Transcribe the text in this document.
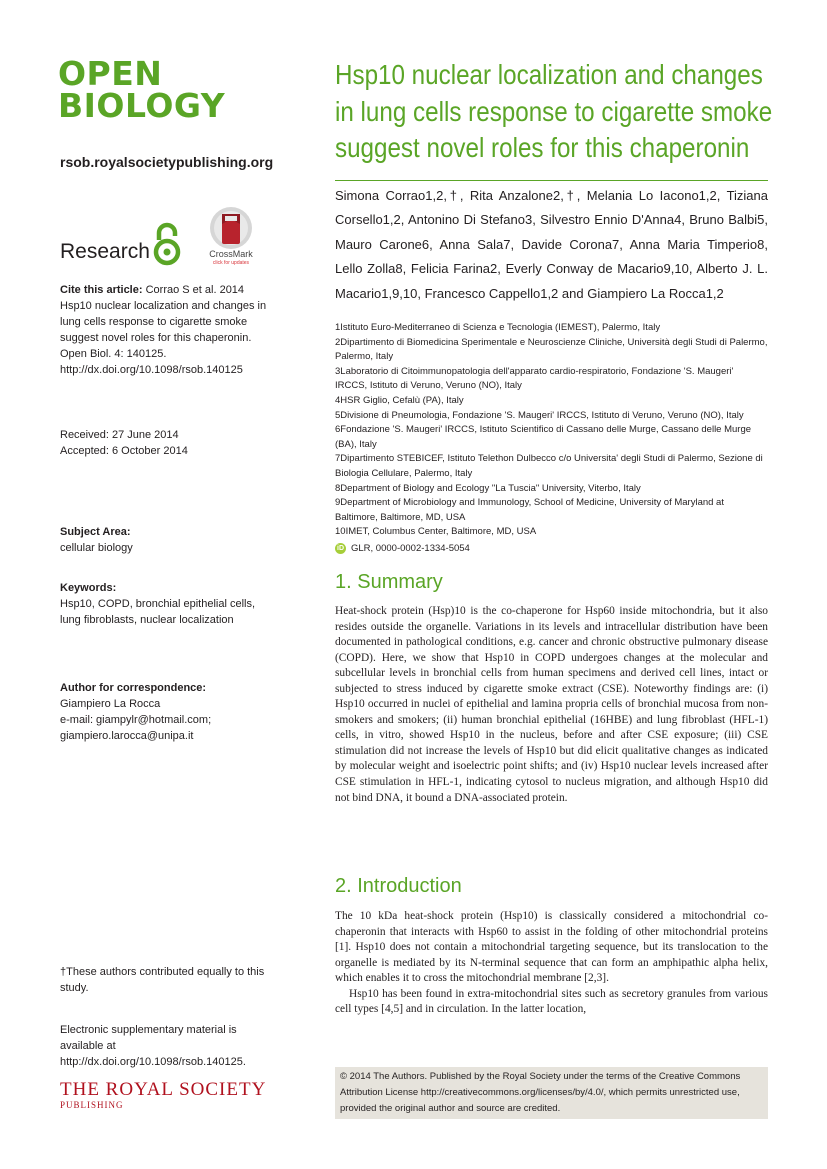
OPEN
BIOLOGY
rsob.royalsocietypublishing.org
Research	CrossMark
click for updates
Cite this article: Corrao S et al. 2014 Hsp10 nuclear localization and changes in lung cells response to cigarette smoke suggest novel roles for this chaperonin. Open Biol. 4: 140125. http://dx.doi.org/10.1098/rsob.140125
Received: 27 June 2014
Accepted: 6 October 2014
Subject Area:
cellular biology
Keywords:
Hsp10, COPD, bronchial epithelial cells, lung fibroblasts, nuclear localization
Author for correspondence:
Giampiero La Rocca
e-mail: giampylr@hotmail.com; giampiero.larocca@unipa.it
†These authors contributed equally to this study.
Electronic supplementary material is available at http://dx.doi.org/10.1098/rsob.140125.
THE ROYAL SOCIETY
PUBLISHING
Hsp10 nuclear localization and changes in lung cells response to cigarette smoke suggest novel roles for this chaperonin
Simona Corrao1,2,†, Rita Anzalone2,†, Melania Lo Iacono1,2, Tiziana Corsello1,2, Antonino Di Stefano3, Silvestro Ennio D'Anna4, Bruno Balbi5, Mauro Carone6, Anna Sala7, Davide Corona7, Anna Maria Timperio8, Lello Zolla8, Felicia Farina2, Everly Conway de Macario9,10, Alberto J. L. Macario1,9,10, Francesco Cappello1,2 and Giampiero La Rocca1,2
1Istituto Euro-Mediterraneo di Scienza e Tecnologia (IEMEST), Palermo, Italy
2Dipartimento di Biomedicina Sperimentale e Neuroscienze Cliniche, Università degli Studi di Palermo, Palermo, Italy
3Laboratorio di Citoimmunopatologia dell'apparato cardio-respiratorio, Fondazione 'S. Maugeri' IRCCS, Istituto di Veruno, Veruno (NO), Italy
4HSR Giglio, Cefalù (PA), Italy
5Divisione di Pneumologia, Fondazione 'S. Maugeri' IRCCS, Istituto di Veruno, Veruno (NO), Italy
6Fondazione 'S. Maugeri' IRCCS, Istituto Scientifico di Cassano delle Murge, Cassano delle Murge (BA), Italy
7Dipartimento STEBICEF, Istituto Telethon Dulbecco c/o Universita' degli Studi di Palermo, Sezione di Biologia Cellulare, Palermo, Italy
8Department of Biology and Ecology "La Tuscia" University, Viterbo, Italy
9Department of Microbiology and Immunology, School of Medicine, University of Maryland at Baltimore, Baltimore, MD, USA
10IMET, Columbus Center, Baltimore, MD, USA
iD GLR, 0000-0002-1334-5054
1. Summary

Heat-shock protein (Hsp)10 is the co-chaperone for Hsp60 inside mitochondria, but it also resides outside the organelle. Variations in its levels and intracellular distribution have been documented in pathological conditions, e.g. cancer and chronic obstructive pulmonary disease (COPD). Here, we show that Hsp10 in COPD undergoes changes at the molecular and subcellular levels in bronchial cells from human specimens and derived cell lines, intact or subjected to stress induced by cigarette smoke extract (CSE). Noteworthy findings are: (i) Hsp10 occurred in nuclei of epithelial and lamina propria cells of bronchial mucosa from non-smokers and smokers; (ii) human bronchial epithelial (16HBE) and lung fibroblast (HFL-1) cells, in vitro, showed Hsp10 in the nucleus, before and after CSE exposure; (iii) CSE stimulation did not increase the levels of Hsp10 but did elicit qualitative changes as indicated by molecular weight and isoelectric point shifts; and (iv) Hsp10 nuclear levels increased after CSE stimulation in HFL-1, indicating cytosol to nucleus migration, and although Hsp10 did not bind DNA, it bound a DNA-associated protein.

2. Introduction

The 10 kDa heat-shock protein (Hsp10) is classically considered a mitochondrial co-chaperonin that interacts with Hsp60 to assist in the folding of other mitochondrial proteins [1]. Hsp10 does not contain a mitochondrial targeting sequence, but its translocation to the organelle is mediated by its N-terminal sequence that can form an amphipathic alpha helix, which enables it to cross the mitochondrial membrane [2,3].

Hsp10 has been found in extra-mitochondrial sites such as secretory granules from various cell types [4,5] and in circulation. In the latter location,

© 2014 The Authors. Published by the Royal Society under the terms of the Creative Commons Attribution License http://creativecommons.org/licenses/by/4.0/, which permits unrestricted use, provided the original author and source are credited.
